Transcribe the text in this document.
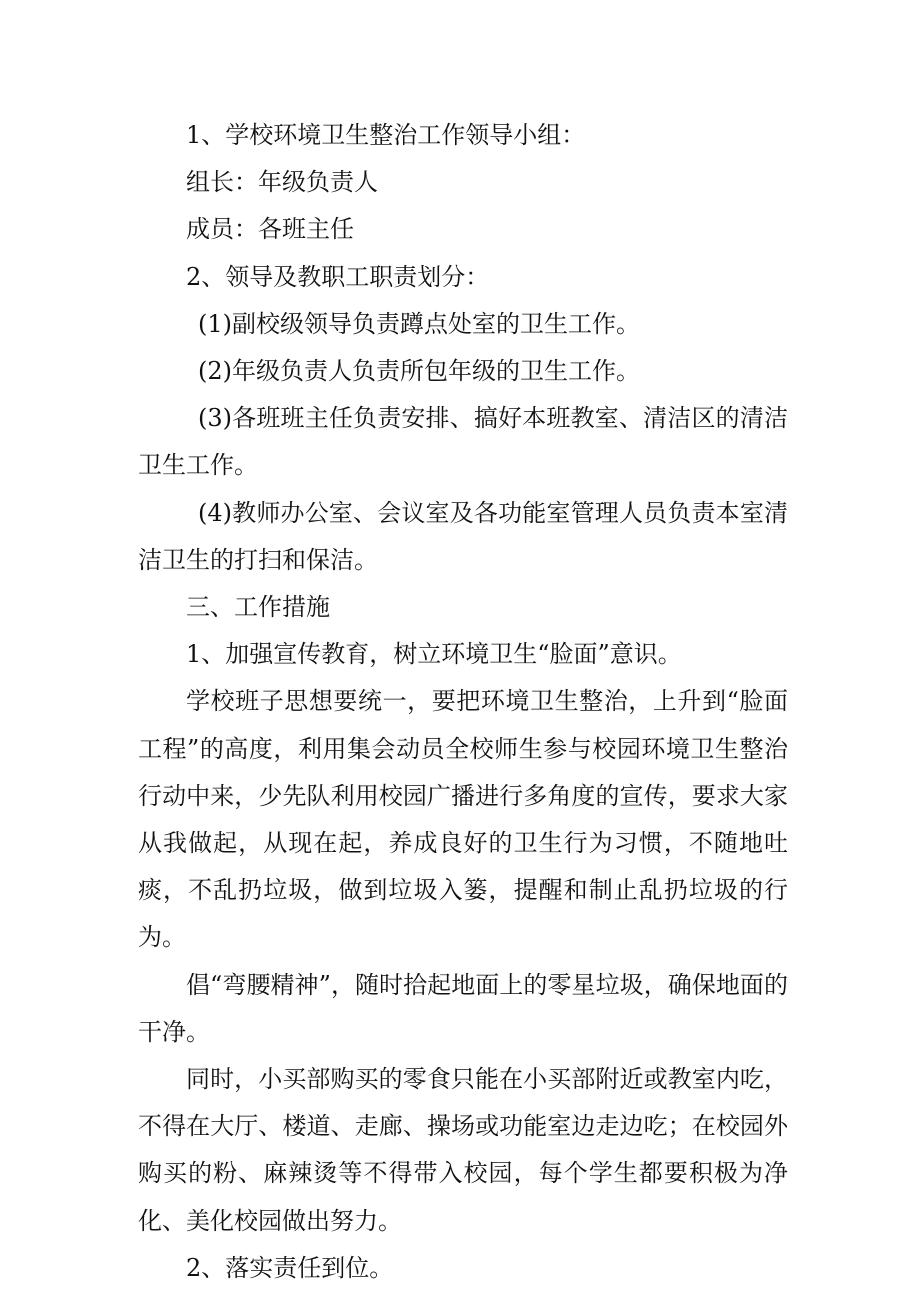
1、学校环境卫生整治工作领导小组：

组长：年级负责人

成员：各班主任

2、领导及教职工职责划分：

(1)副校级领导负责蹲点处室的卫生工作。

(2)年级负责人负责所包年级的卫生工作。

(3)各班班主任负责安排、搞好本班教室、清洁区的清洁卫生工作。

(4)教师办公室、会议室及各功能室管理人员负责本室清洁卫生的打扫和保洁。

三、工作措施

1、加强宣传教育，树立环境卫生“脸面”意识。

学校班子思想要统一，要把环境卫生整治，上升到“脸面工程”的高度，利用集会动员全校师生参与校园环境卫生整治行动中来，少先队利用校园广播进行多角度的宣传，要求大家从我做起，从现在起，养成良好的卫生行为习惯，不随地吐痰，不乱扔垃圾，做到垃圾入篓，提醒和制止乱扔垃圾的行为。

倡“弯腰精神”，随时拾起地面上的零星垃圾，确保地面的干净。

同时，小买部购买的零食只能在小买部附近或教室内吃，不得在大厅、楼道、走廊、操场或功能室边走边吃；在校园外购买的粉、麻辣烫等不得带入校园，每个学生都要积极为净化、美化校园做出努力。

2、落实责任到位。
